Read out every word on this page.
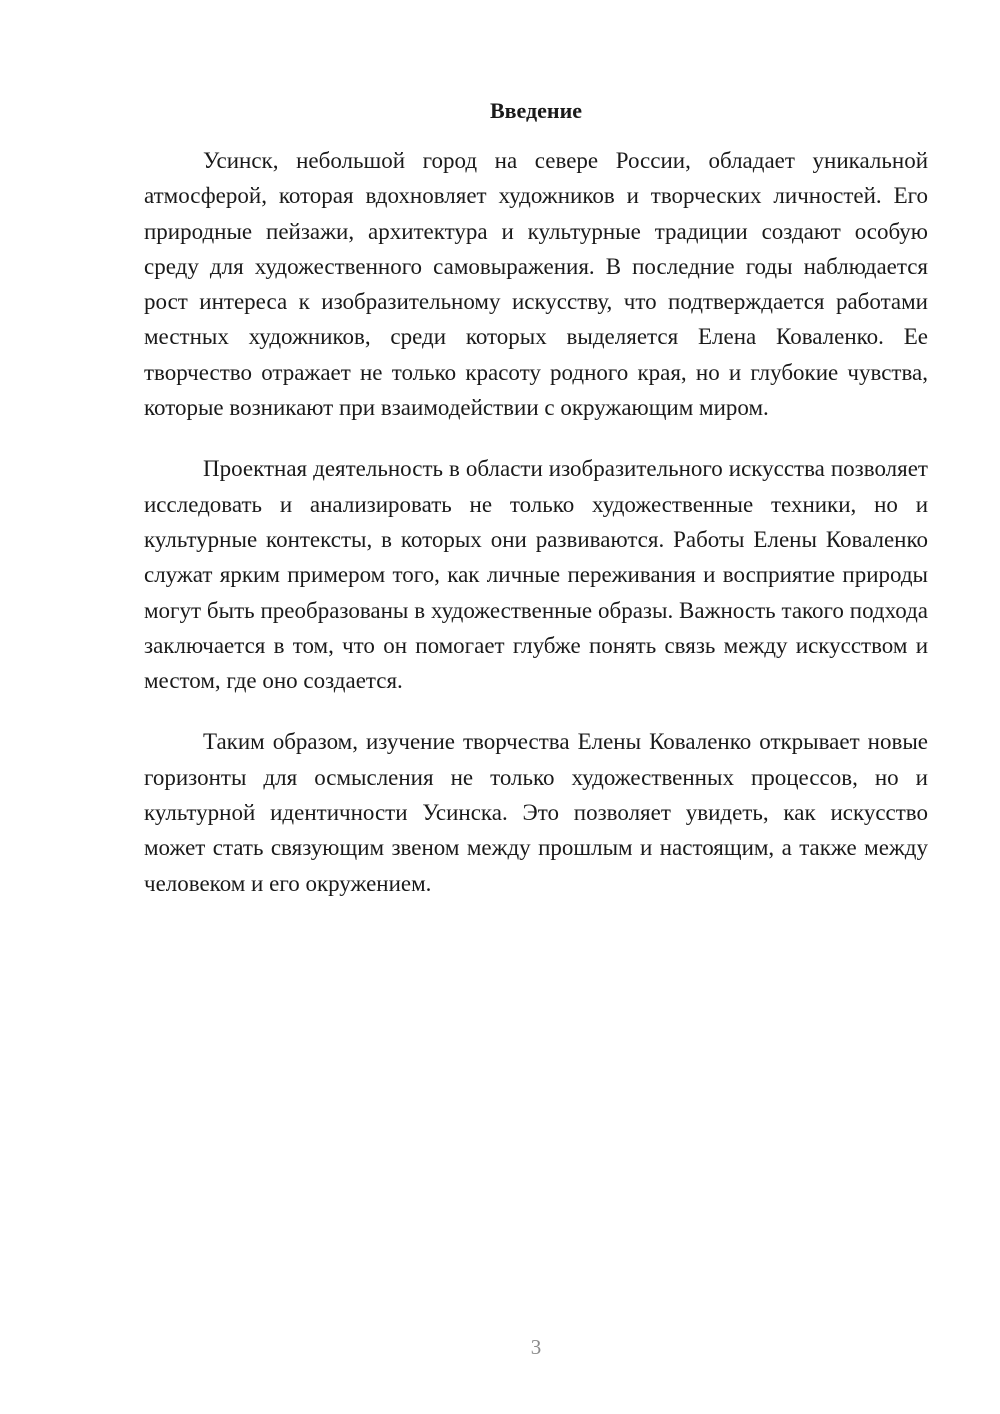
Введение

Усинск, небольшой город на севере России, обладает уникальной атмосферой, которая вдохновляет художников и творческих личностей. Его природные пейзажи, архитектура и культурные традиции создают особую среду для художественного самовыражения. В последние годы наблюдается рост интереса к изобразительному искусству, что подтверждается работами местных художников, среди которых выделяется Елена Коваленко. Ее творчество отражает не только красоту родного края, но и глубокие чувства, которые возникают при взаимодействии с окружающим миром.

Проектная деятельность в области изобразительного искусства позволяет исследовать и анализировать не только художественные техники, но и культурные контексты, в которых они развиваются. Работы Елены Коваленко служат ярким примером того, как личные переживания и восприятие природы могут быть преобразованы в художественные образы. Важность такого подхода заключается в том, что он помогает глубже понять связь между искусством и местом, где оно создается.

Таким образом, изучение творчества Елены Коваленко открывает новые горизонты для осмысления не только художественных процессов, но и культурной идентичности Усинска. Это позволяет увидеть, как искусство может стать связующим звеном между прошлым и настоящим, а также между человеком и его окружением.

3
